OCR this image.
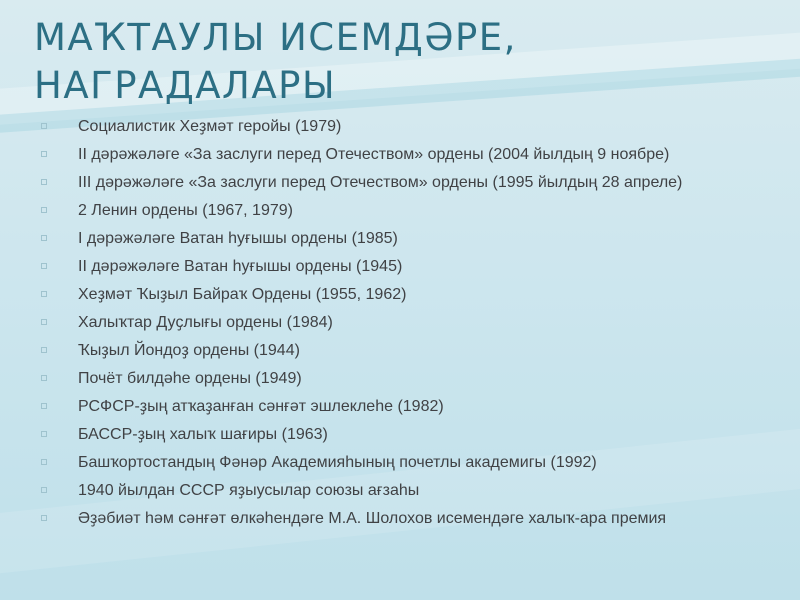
МАҠТАУЛЫ ИСЕМДӘРЕ, НАГРАДАЛАРЫ
Социалистик Хеҙмәт геройы (1979)
II дәрәжәләге «За заслуги перед Отечеством» ордены (2004 йылдың 9 ноябре)
III дәрәжәләге «За заслуги перед Отечеством» ордены (1995 йылдың 28 апреле)
2 Ленин ордены (1967, 1979)
I дәрәжәләге Ватан һуғышы ордены (1985)
II дәрәжәләге Ватан һуғышы ордены (1945)
Хеҙмәт Ҡыҙыл Байраҡ Ордены (1955, 1962)
Халыҡтар Дуҫлығы ордены (1984)
Ҡыҙыл Йондоҙ ордены (1944)
Почёт билдәһе ордены (1949)
РСФСР-ҙың атҡаҙанған сәнғәт эшлеклеһе (1982)
БАССР-ҙың халыҡ шағиры (1963)
Башҡортостандың Фәнәр Академияһының почетлы академигы (1992)
1940 йылдан СССР яҙыусылар союзы ағзаһы
Әҙәбиәт һәм сәнғәт өлкәһендәге М.А. Шолохов исемендәге халыҡ-ара премия
